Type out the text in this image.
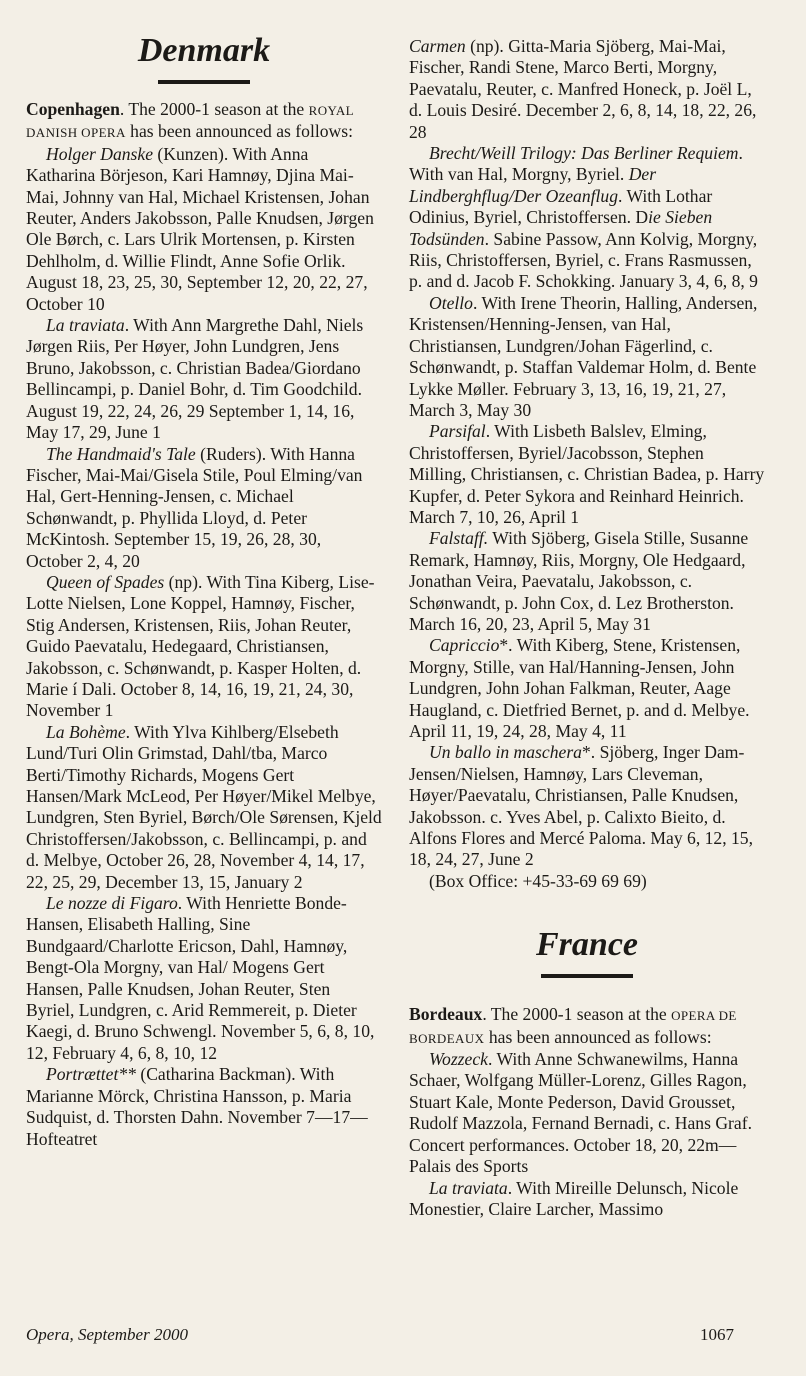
Denmark

Copenhagen. The 2000-1 season at the ROYAL DANISH OPERA has been announced as follows:

Holger Danske (Kunzen). With Anna Katharina Börjeson, Kari Hamnøy, Djina Mai-Mai, Johnny van Hal, Michael Kristensen, Johan Reuter, Anders Jakobsson, Palle Knudsen, Jørgen Ole Børch, c. Lars Ulrik Mortensen, p. Kirsten Dehlholm, d. Willie Flindt, Anne Sofie Orlik. August 18, 23, 25, 30, September 12, 20, 22, 27, October 10

La traviata. With Ann Margrethe Dahl, Niels Jørgen Riis, Per Høyer, John Lundgren, Jens Bruno, Jakobsson, c. Christian Badea/Giordano Bellincampi, p. Daniel Bohr, d. Tim Goodchild. August 19, 22, 24, 26, 29 September 1, 14, 16, May 17, 29, June 1

The Handmaid's Tale (Ruders). With Hanna Fischer, Mai-Mai/Gisela Stile, Poul Elming/van Hal, Gert-Henning-Jensen, c. Michael Schønwandt, p. Phyllida Lloyd, d. Peter McKintosh. September 15, 19, 26, 28, 30, October 2, 4, 20

Queen of Spades (np). With Tina Kiberg, Lise-Lotte Nielsen, Lone Koppel, Hamnøy, Fischer, Stig Andersen, Kristensen, Riis, Johan Reuter, Guido Paevatalu, Hedegaard, Christiansen, Jakobsson, c. Schønwandt, p. Kasper Holten, d. Marie í Dali. October 8, 14, 16, 19, 21, 24, 30, November 1

La Bohème. With Ylva Kihlberg/Elsebeth Lund/Turi Olin Grimstad, Dahl/tba, Marco Berti/Timothy Richards, Mogens Gert Hansen/Mark McLeod, Per Høyer/Mikel Melbye, Lundgren, Sten Byriel, Børch/Ole Sørensen, Kjeld Christoffersen/Jakobsson, c. Bellincampi, p. and d. Melbye, October 26, 28, November 4, 14, 17, 22, 25, 29, December 13, 15, January 2

Le nozze di Figaro. With Henriette Bonde-Hansen, Elisabeth Halling, Sine Bundgaard/Charlotte Ericson, Dahl, Hamnøy, Bengt-Ola Morgny, van Hal/ Mogens Gert Hansen, Palle Knudsen, Johan Reuter, Sten Byriel, Lundgren, c. Arid Remmereit, p. Dieter Kaegi, d. Bruno Schwengl. November 5, 6, 8, 10, 12, February 4, 6, 8, 10, 12

Portrættet** (Catharina Backman). With Marianne Mörck, Christina Hansson, p. Maria Sudquist, d. Thorsten Dahn. November 7—17—Hofteatret

Carmen (np). Gitta-Maria Sjöberg, Mai-Mai, Fischer, Randi Stene, Marco Berti, Morgny, Paevatalu, Reuter, c. Manfred Honeck, p. Joël L, d. Louis Desiré. December 2, 6, 8, 14, 18, 22, 26, 28

Brecht/Weill Trilogy: Das Berliner Requiem. With van Hal, Morgny, Byriel. Der Lindberghflug/Der Ozeanflug. With Lothar Odinius, Byriel, Christoffersen. Die Sieben Todsünden. Sabine Passow, Ann Kolvig, Morgny, Riis, Christoffersen, Byriel, c. Frans Rasmussen, p. and d. Jacob F. Schokking. January 3, 4, 6, 8, 9

Otello. With Irene Theorin, Halling, Andersen, Kristensen/Henning-Jensen, van Hal, Christiansen, Lundgren/Johan Fägerlind, c. Schønwandt, p. Staffan Valdemar Holm, d. Bente Lykke Møller. February 3, 13, 16, 19, 21, 27, March 3, May 30

Parsifal. With Lisbeth Balslev, Elming, Christoffersen, Byriel/Jacobsson, Stephen Milling, Christiansen, c. Christian Badea, p. Harry Kupfer, d. Peter Sykora and Reinhard Heinrich. March 7, 10, 26, April 1

Falstaff. With Sjöberg, Gisela Stille, Susanne Remark, Hamnøy, Riis, Morgny, Ole Hedgaard, Jonathan Veira, Paevatalu, Jakobsson, c. Schønwandt, p. John Cox, d. Lez Brotherston. March 16, 20, 23, April 5, May 31

Capriccio*. With Kiberg, Stene, Kristensen, Morgny, Stille, van Hal/Hanning-Jensen, John Lundgren, John Johan Falkman, Reuter, Aage Haugland, c. Dietfried Bernet, p. and d. Melbye. April 11, 19, 24, 28, May 4, 11

Un ballo in maschera*. Sjöberg, Inger Dam-Jensen/Nielsen, Hamnøy, Lars Cleveman, Høyer/Paevatalu, Christiansen, Palle Knudsen, Jakobsson. c. Yves Abel, p. Calixto Bieito, d. Alfons Flores and Mercé Paloma. May 6, 12, 15, 18, 24, 27, June 2

(Box Office: +45-33-69 69 69)

France

Bordeaux. The 2000-1 season at the OPERA DE BORDEAUX has been announced as follows:

Wozzeck. With Anne Schwanewilms, Hanna Schaer, Wolfgang Müller-Lorenz, Gilles Ragon, Stuart Kale, Monte Pederson, David Grousset, Rudolf Mazzola, Fernand Bernadi, c. Hans Graf. Concert performances. October 18, 20, 22m—Palais des Sports

La traviata. With Mireille Delunsch, Nicole Monestier, Claire Larcher, Massimo

Opera, September 2000	1067
